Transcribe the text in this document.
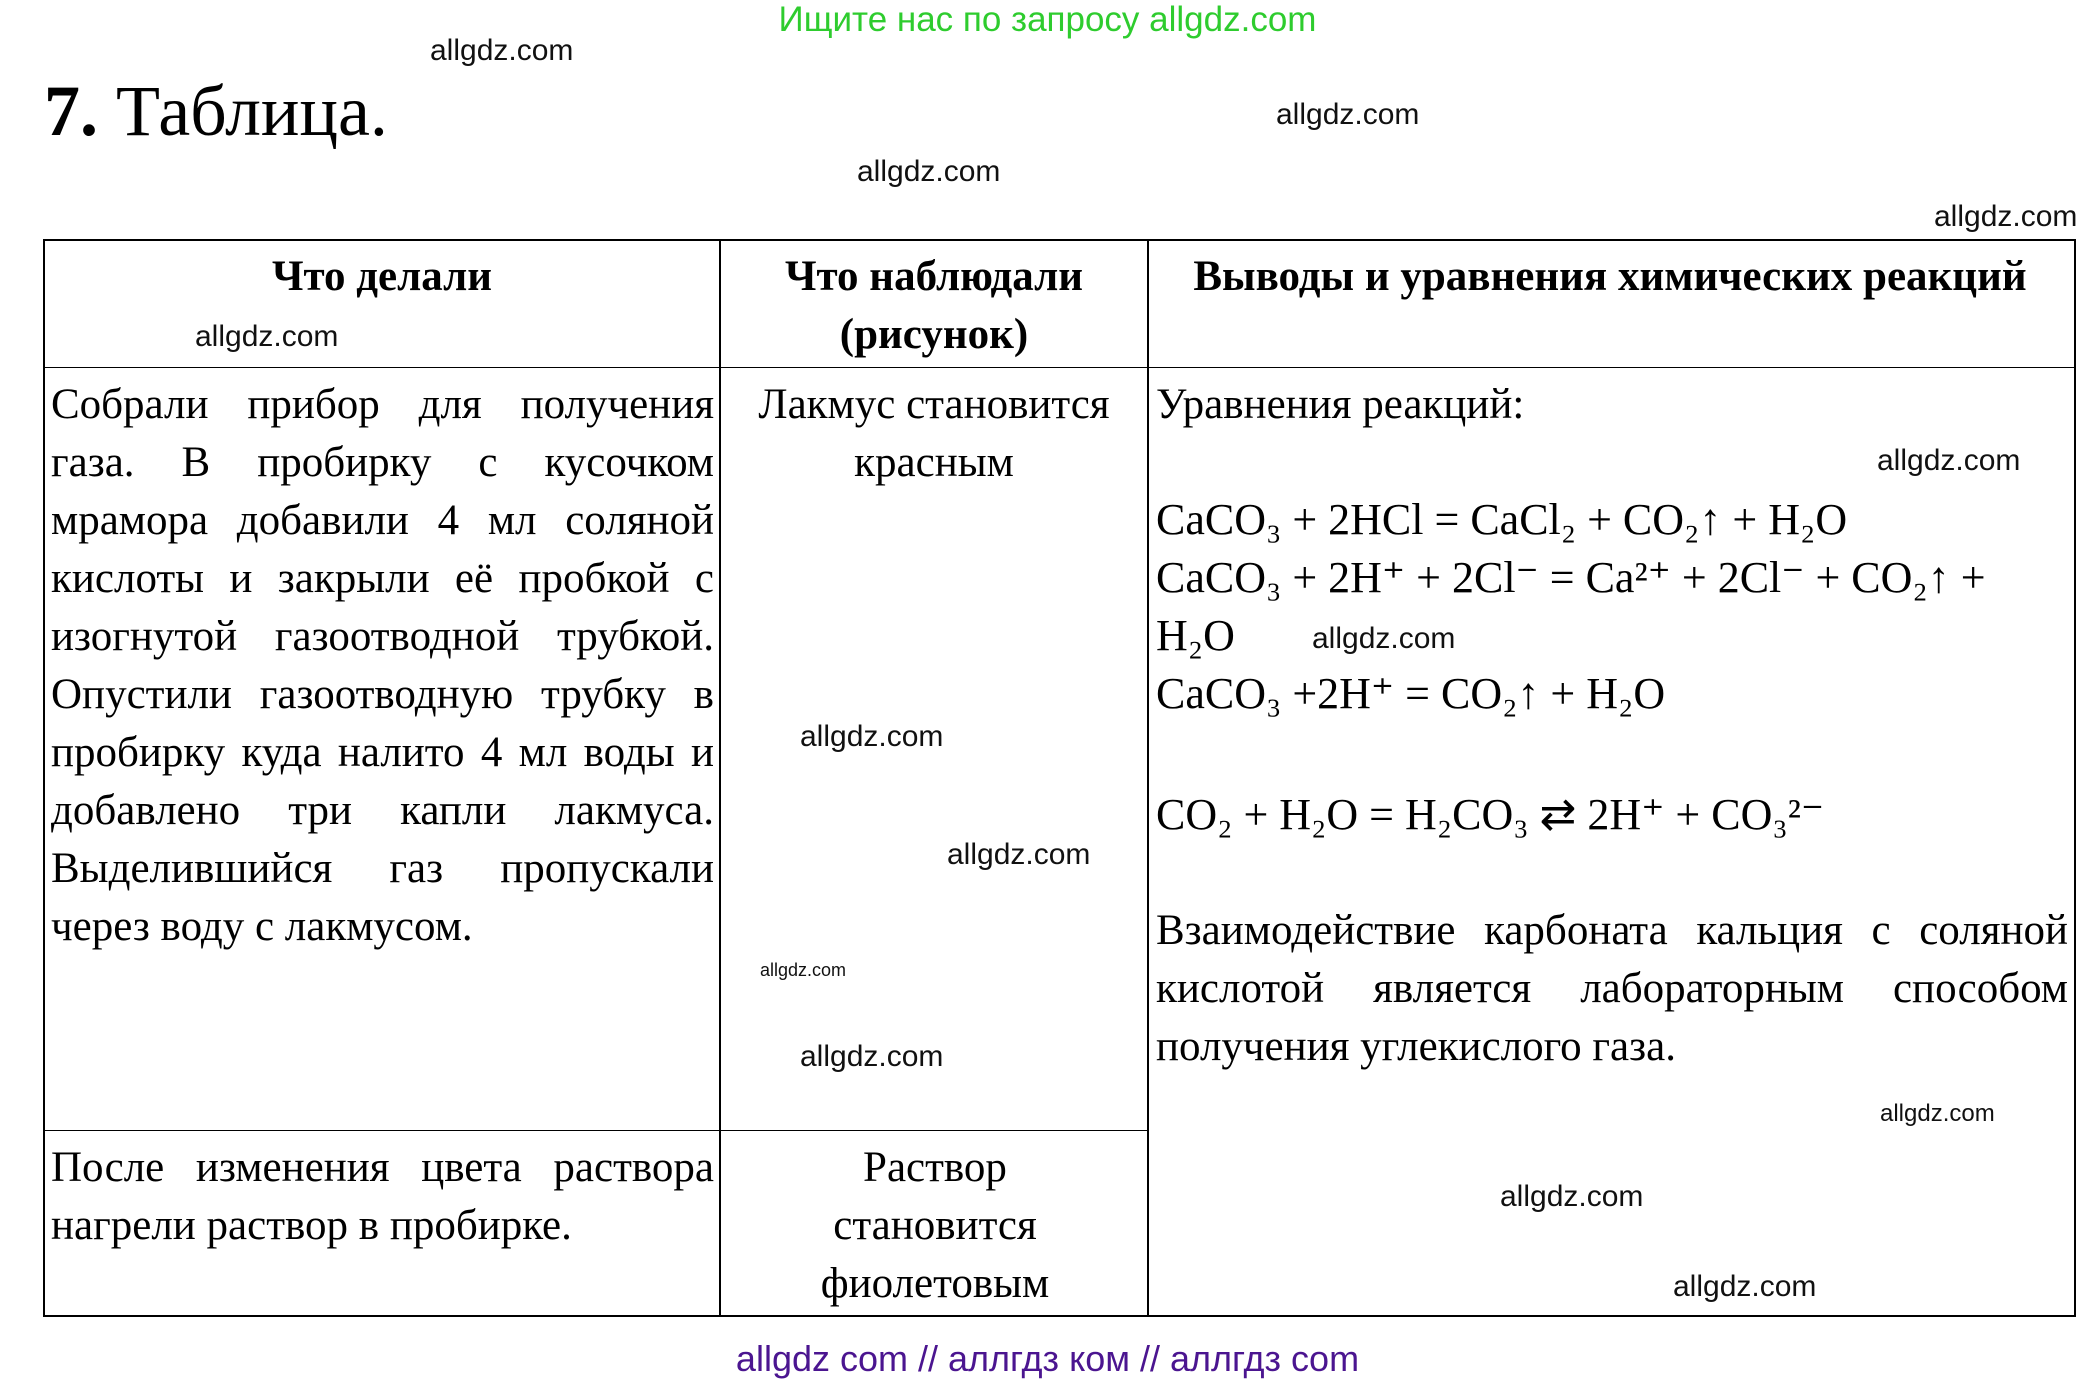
Ищите нас по запросу allgdz.com
7. Таблица.
Что делали	Что наблюдали (рисунок)
Выводы и уравнения химических реакций
Собрали прибор для получения газа. В пробирку с кусочком мрамора добавили 4 мл соляной кислоты и закрыли её пробкой с изогнутой газоотводной трубкой. Опустили газоотводную трубку в пробирку куда налито 4 мл воды и добавлено три капли лакмуса. Выделившийся газ пропускали через воду с лакмусом.
Лакмус становится красным
После изменения цвета раствора нагрели раствор в пробирке.
Раствор становится фиолетовым
Уравнения реакций:
CaCO₃ + 2HCl = CaCl₂ + CO₂↑ + H₂O
CaCO₃ + 2H⁺ + 2Cl⁻ = Ca²⁺ + 2Cl⁻ + CO₂↑ +
H₂O
CaCO₃ +2H⁺ = CO₂↑ + H₂O
CO₂ + H₂O = H₂CO₃ ⇄ 2H⁺ + CO₃²⁻
Взаимодействие карбоната кальция с соляной кислотой является лабораторным способом получения углекислого газа.
allgdz.com
allgdz.com
allgdz.com
allgdz.com
allgdz.com
allgdz.com
allgdz.com
allgdz.com
allgdz.com
allgdz.com
allgdz.com
allgdz.com
allgdz.com
allgdz.com
allgdz com // аллгдз ком // аллгдз com
